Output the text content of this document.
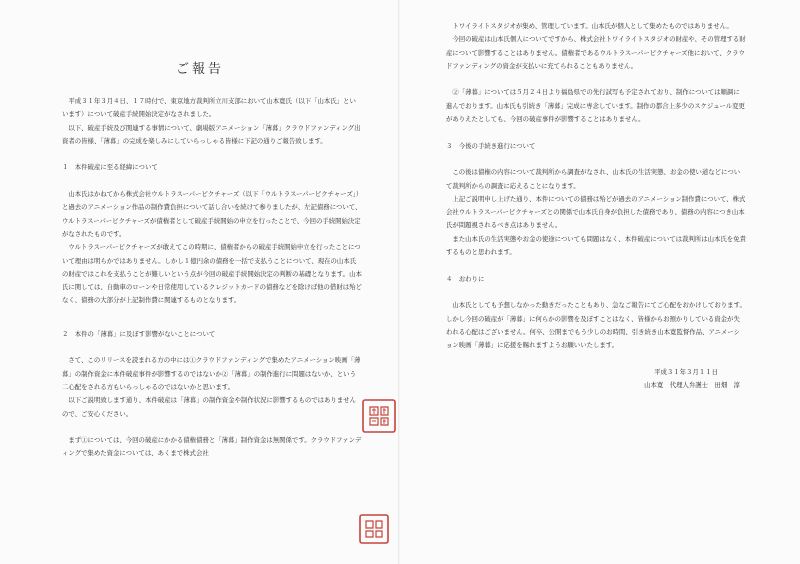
ご報告

平成３１年３月４日、１７時付で、東京地方裁判所立川支部において山本寛氏（以下「山本氏」といいます）について破産手続開始決定がなされました。

以下、破産手続及び関連する事情について、劇場版アニメーション「薄暮」クラウドファンディング出資者の皆様、「薄暮」の完成を楽しみにしていらっしゃる皆様に下記の通りご報告致します。

１　本件破産に至る経緯について

山本氏はかねてから株式会社ウルトラスーパーピクチャーズ（以下「ウルトラスーパーピクチャーズ」）と過去のアニメーション作品の制作費負担について話し合いを続けて参りましたが、左記債務について、ウルトラスーパーピクチャーズが債権者として破産手続開始の申立を行ったことで、今回の手続開始決定がなされたものです。

ウルトラスーパーピクチャーズが敢えてこの時期に、債権者からの破産手続開始申立を行ったことについて理由は明らかではありません。しかし１億円余の債務を一括で支払うことについて、現在の山本氏の財産ではこれを支払うことが難しいという点が今回の破産手続開始決定の判断の基礎となります。山本氏に関しては、自動車のローンや日常使用しているクレジットカードの債務などを除けば他の借財は殆どなく、債務の大部分が上記制作費に関連するものとなります。

２　本件の「薄暮」に及ぼす影響がないことについて

さて、このリリースを読まれる方の中には①クラウドファンディングで集めたアニメーション映画「薄暮」の制作資金に本件破産事件が影響するのではないか②「薄暮」の制作進行に問題はないか、という二心配をされる方もいらっしゃるのではないかと思います。

以下ご説明致します通り、本件破産は「薄暮」の制作資金や制作状況に影響するものではありませんので、ご安心ください。

まず①については、今回の破産にかかる債権債務と「薄暮」制作資金は無関係です。クラウドファンディングで集めた資金については、あくまで株式会社

トワイライトスタジオが集め、管理しています。山本氏が個人として集めたものではありません。

今回の破産は山本氏個人についてですから、株式会社トワイライトスタジオの財産や、その管理する財産について影響することはありません。債権者であるウルトラスーパーピクチャーズ他において、クラウドファンディングの資金が支払いに充てられることもありません。

②「薄暮」については５月２４日より福島県での先行試写も予定されており、制作については順調に進んでおります。山本氏も引続き「薄暮」完成に専念しています。制作の都合上多少のスケジュール変更がありえたとしても、今回の破産事件が影響することはありません。

３　今後の手続き進行について

この後は債権の内容について裁判所から調査がなされ、山本氏の生活実態、お金の使い道などについて裁判所からの調査に応えることになります。

上記ご説明申し上げた通り、本件についての債務は殆どが過去のアニメーション制作費について、株式会社ウルトラスーパーピクチャーズとの関係で山本氏自身が負担した債務であり、債務の内容につき山本氏が問題視されるべき点はありません。

また山本氏の生活実態やお金の使途についても問題はなく、本件破産については裁判所は山本氏を免責するものと思われます。

４　おわりに

山本氏としても予想しなかった動きだったこともあり、急なご報告にてご心配をおかけしております。しかし今回の破産が「薄暮」に何らかの影響を及ぼすことはなく、皆様からお預かりしている資金が失われる心配はございません。何卒、公開までもう少しのお時間、引き続き山本寛監督作品、アニメーション映画「薄暮」に応援を賜れますようお願いいたします。

平成３１年３月１１日

山本寛　代理人弁護士　田畑　淳
